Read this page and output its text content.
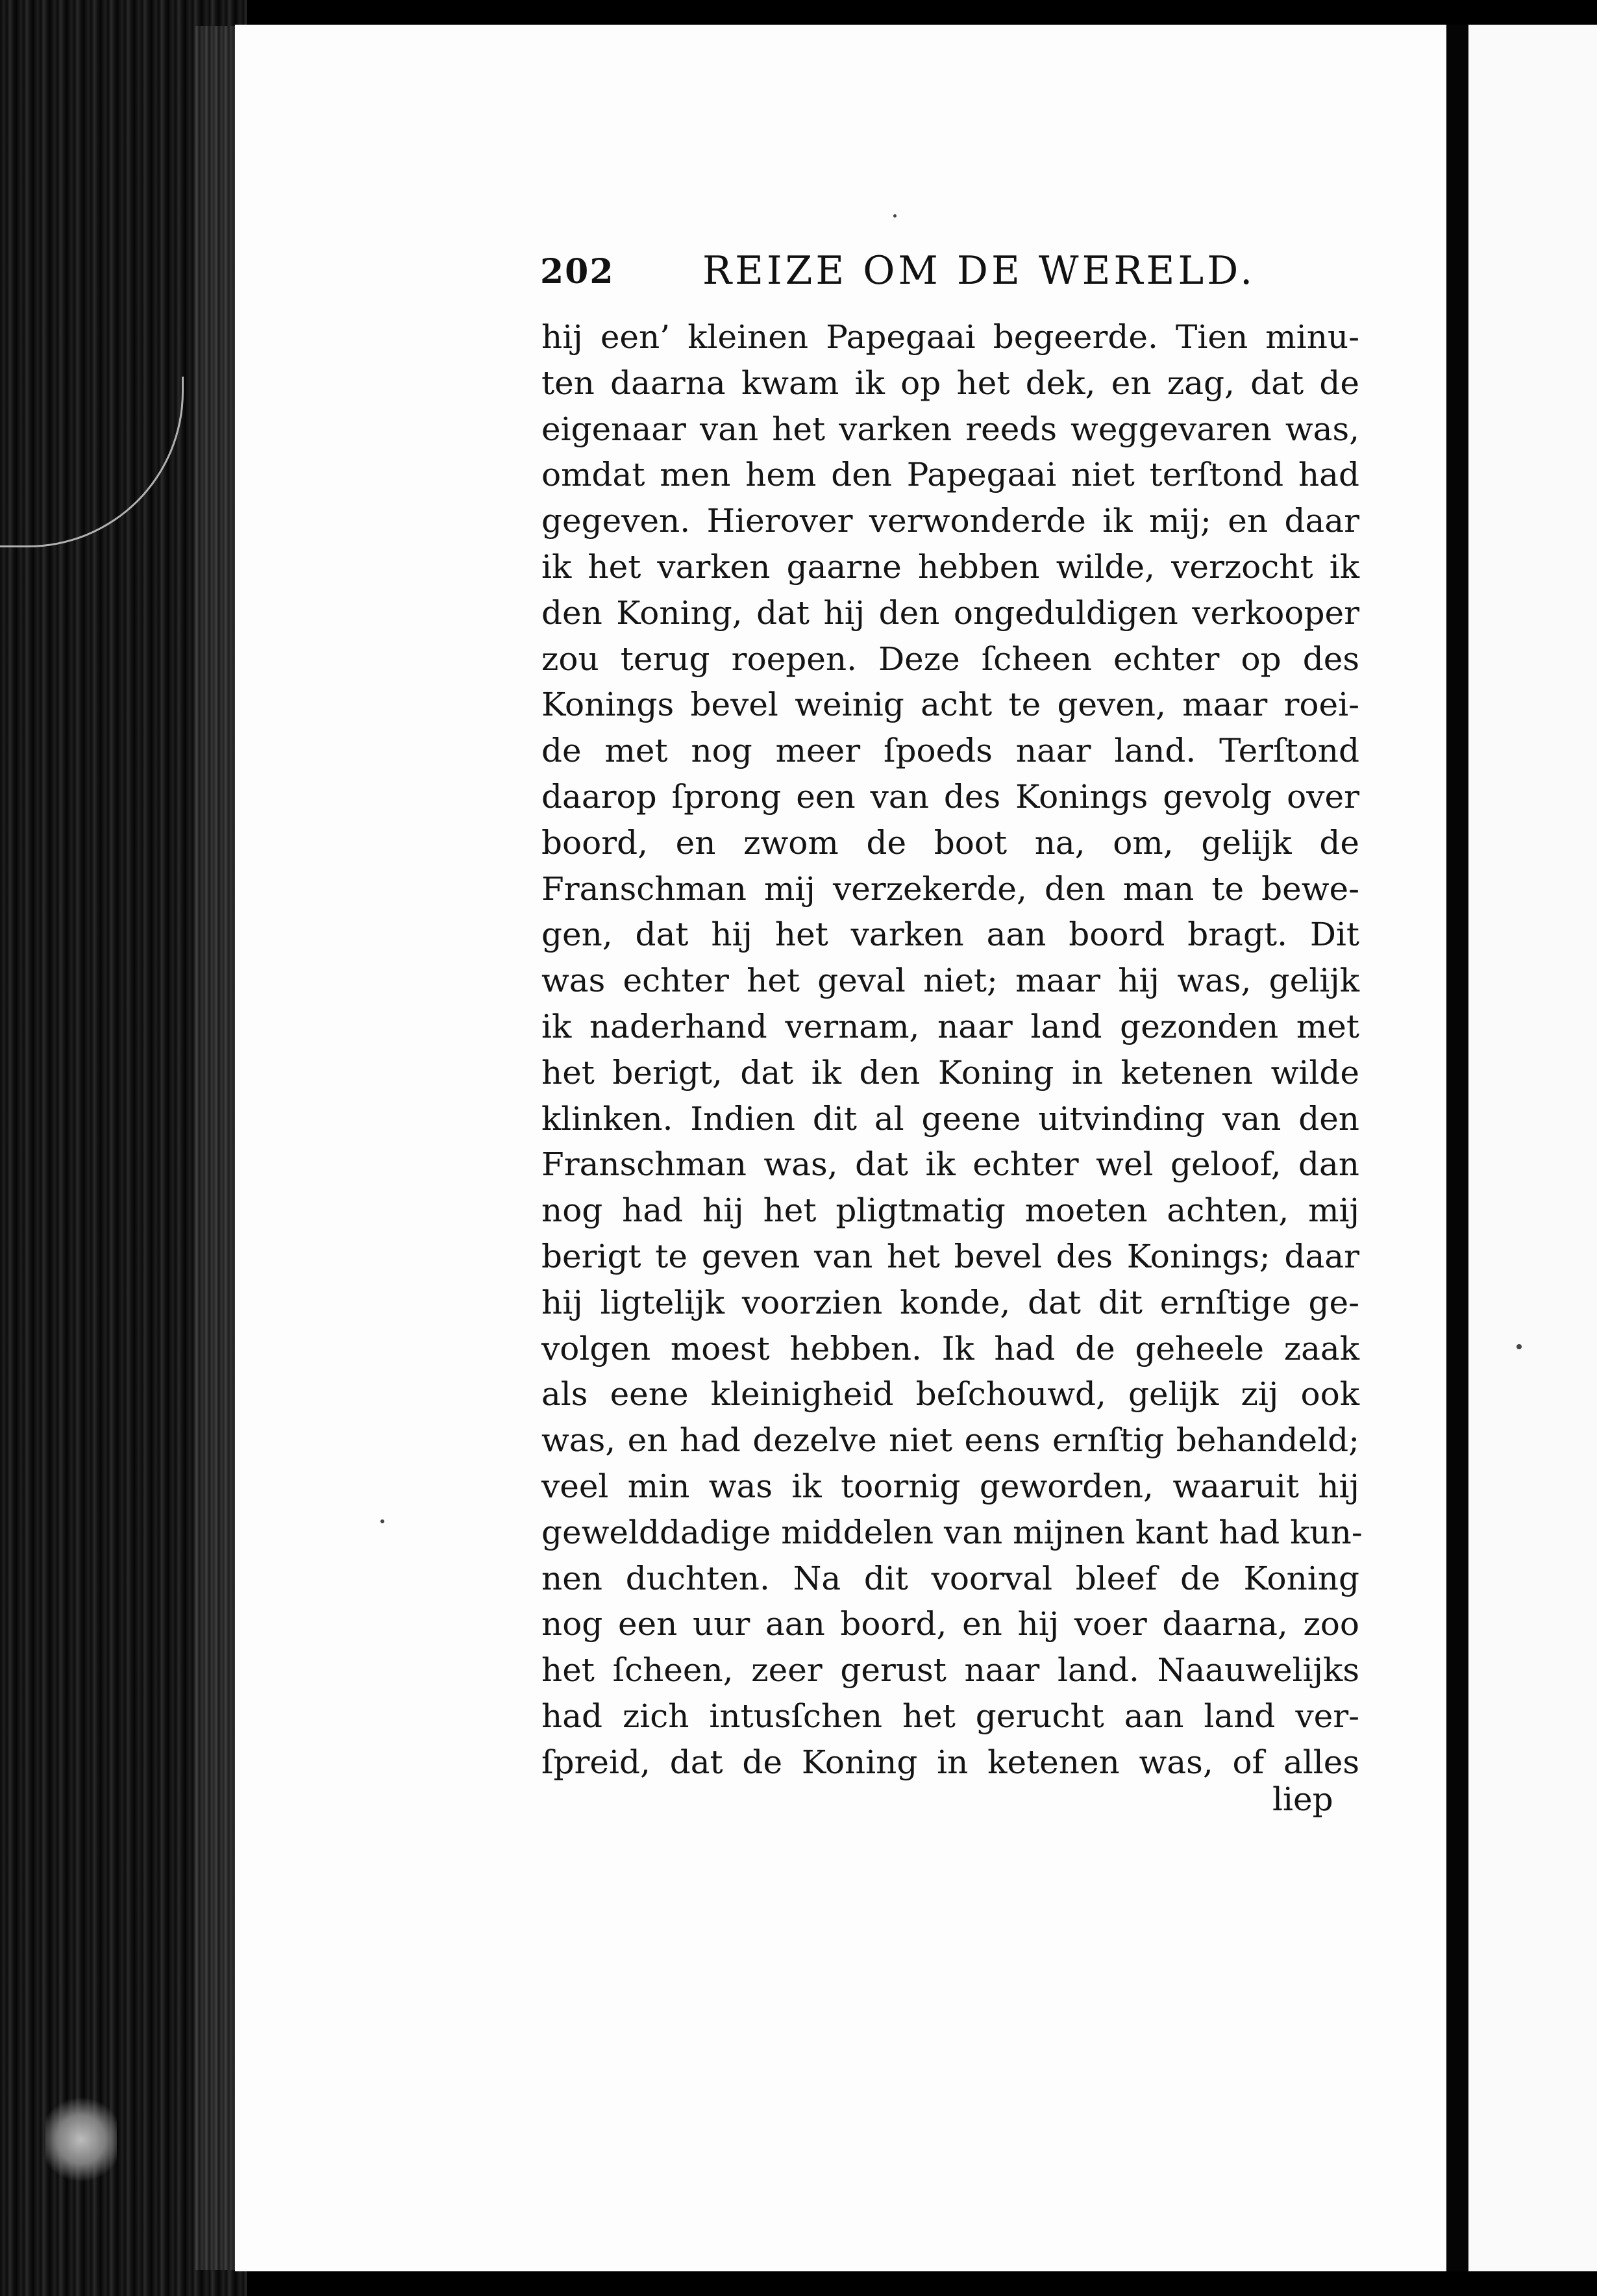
202 REIZE OM DE WERELD.
hij een’ kleinen Papegaai begeerde. Tien minu-
ten daarna kwam ik op het dek, en zag, dat de
eigenaar van het varken reeds weggevaren was,
omdat men hem den Papegaai niet terſtond had
gegeven. Hierover verwonderde ik mij; en daar
ik het varken gaarne hebben wilde, verzocht ik
den Koning, dat hij den ongeduldigen verkooper
zou terug roepen. Deze ſcheen echter op des
Konings bevel weinig acht te geven, maar roei-
de met nog meer ſpoeds naar land. Terſtond
daarop ſprong een van des Konings gevolg over
boord, en zwom de boot na, om, gelijk de
Franschman mij verzekerde, den man te bewe-
gen, dat hij het varken aan boord bragt. Dit
was echter het geval niet; maar hij was, gelijk
ik naderhand vernam, naar land gezonden met
het berigt, dat ik den Koning in ketenen wilde
klinken. Indien dit al geene uitvinding van den
Franschman was, dat ik echter wel geloof, dan
nog had hij het pligtmatig moeten achten, mij
berigt te geven van het bevel des Konings; daar
hij ligtelijk voorzien konde, dat dit ernſtige ge-
volgen moest hebben. Ik had de geheele zaak
als eene kleinigheid beſchouwd, gelijk zij ook
was, en had dezelve niet eens ernſtig behandeld;
veel min was ik toornig geworden, waaruit hij
gewelddadige middelen van mijnen kant had kun-
nen duchten. Na dit voorval bleef de Koning
nog een uur aan boord, en hij voer daarna, zoo
het ſcheen, zeer gerust naar land. Naauwelijks
had zich intusſchen het gerucht aan land ver-
ſpreid, dat de Koning in ketenen was, of alles
liep
